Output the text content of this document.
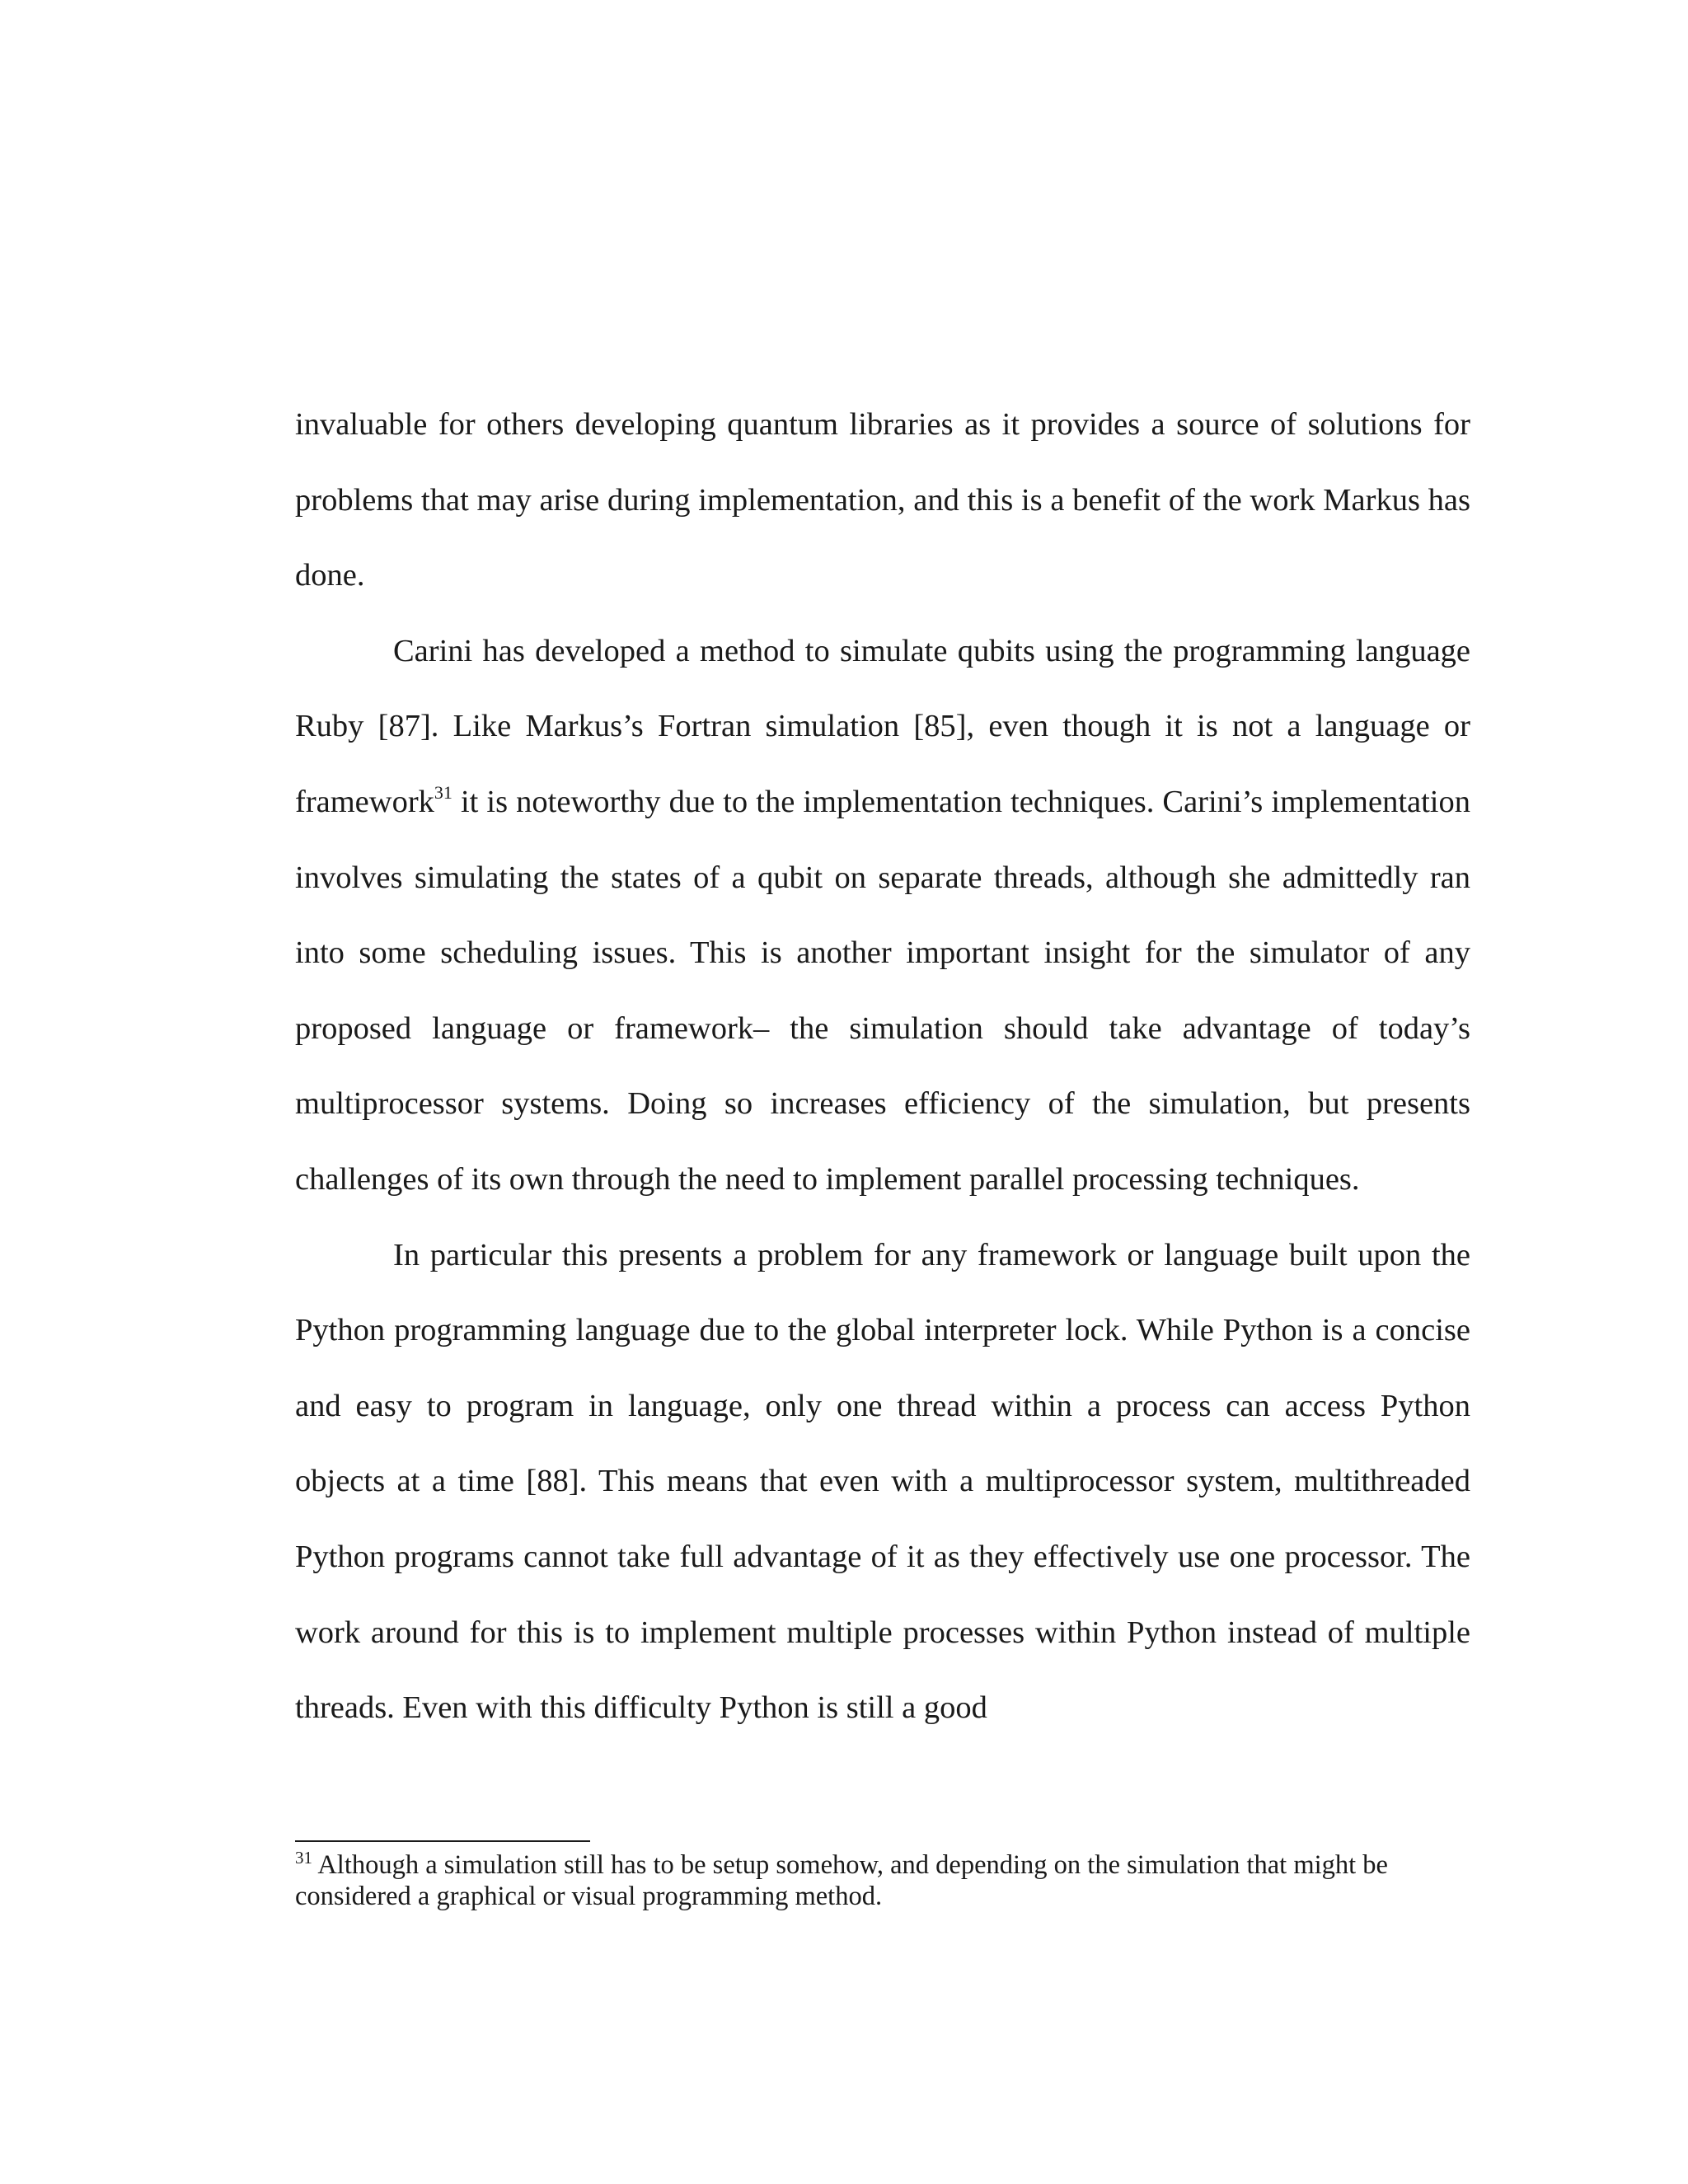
invaluable for others developing quantum libraries as it provides a source of solutions for problems that may arise during implementation, and this is a benefit of the work Markus has done.

Carini has developed a method to simulate qubits using the programming language Ruby [87]. Like Markus’s Fortran simulation [85], even though it is not a language or framework$^{31}$ it is noteworthy due to the implementation techniques. Carini’s implementation involves simulating the states of a qubit on separate threads, although she admittedly ran into some scheduling issues. This is another important insight for the simulator of any proposed language or framework– the simulation should take advantage of today’s multiprocessor systems. Doing so increases efficiency of the simulation, but presents challenges of its own through the need to implement parallel processing techniques.

In particular this presents a problem for any framework or language built upon the Python programming language due to the global interpreter lock. While Python is a concise and easy to program in language, only one thread within a process can access Python objects at a time [88]. This means that even with a multiprocessor system, multithreaded Python programs cannot take full advantage of it as they effectively use one processor. The work around for this is to implement multiple processes within Python instead of multiple threads. Even with this difficulty Python is still a good

$^{31}$ Although a simulation still has to be setup somehow, and depending on the simulation that might be considered a graphical or visual programming method.
